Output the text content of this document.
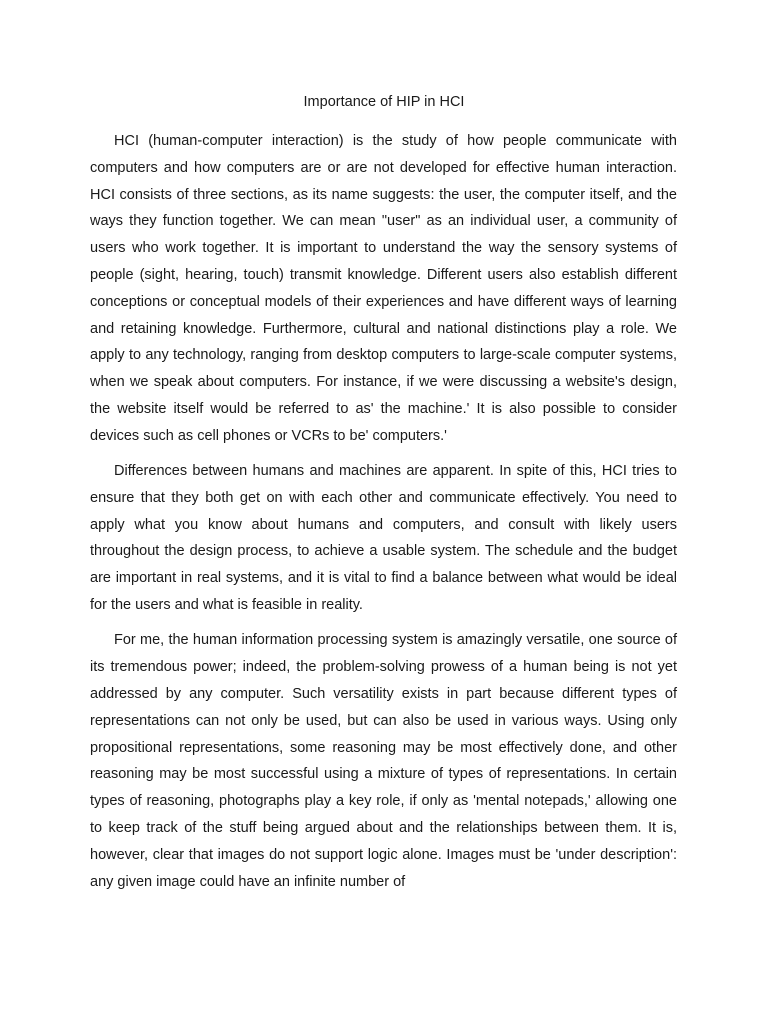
Importance of HIP in HCI

HCI (human-computer interaction) is the study of how people communicate with computers and how computers are or are not developed for effective human interaction. HCI consists of three sections, as its name suggests: the user, the computer itself, and the ways they function together. We can mean "user" as an individual user, a community of users who work together. It is important to understand the way the sensory systems of people (sight, hearing, touch) transmit knowledge. Different users also establish different conceptions or conceptual models of their experiences and have different ways of learning and retaining knowledge. Furthermore, cultural and national distinctions play a role. We apply to any technology, ranging from desktop computers to large-scale computer systems, when we speak about computers. For instance, if we were discussing a website's design, the website itself would be referred to as' the machine.' It is also possible to consider devices such as cell phones or VCRs to be' computers.'

Differences between humans and machines are apparent. In spite of this, HCI tries to ensure that they both get on with each other and communicate effectively. You need to apply what you know about humans and computers, and consult with likely users throughout the design process, to achieve a usable system. The schedule and the budget are important in real systems, and it is vital to find a balance between what would be ideal for the users and what is feasible in reality.

For me, the human information processing system is amazingly versatile, one source of its tremendous power; indeed, the problem-solving prowess of a human being is not yet addressed by any computer. Such versatility exists in part because different types of representations can not only be used, but can also be used in various ways. Using only propositional representations, some reasoning may be most effectively done, and other reasoning may be most successful using a mixture of types of representations. In certain types of reasoning, photographs play a key role, if only as 'mental notepads,' allowing one to keep track of the stuff being argued about and the relationships between them. It is, however, clear that images do not support logic alone. Images must be 'under description': any given image could have an infinite number of
